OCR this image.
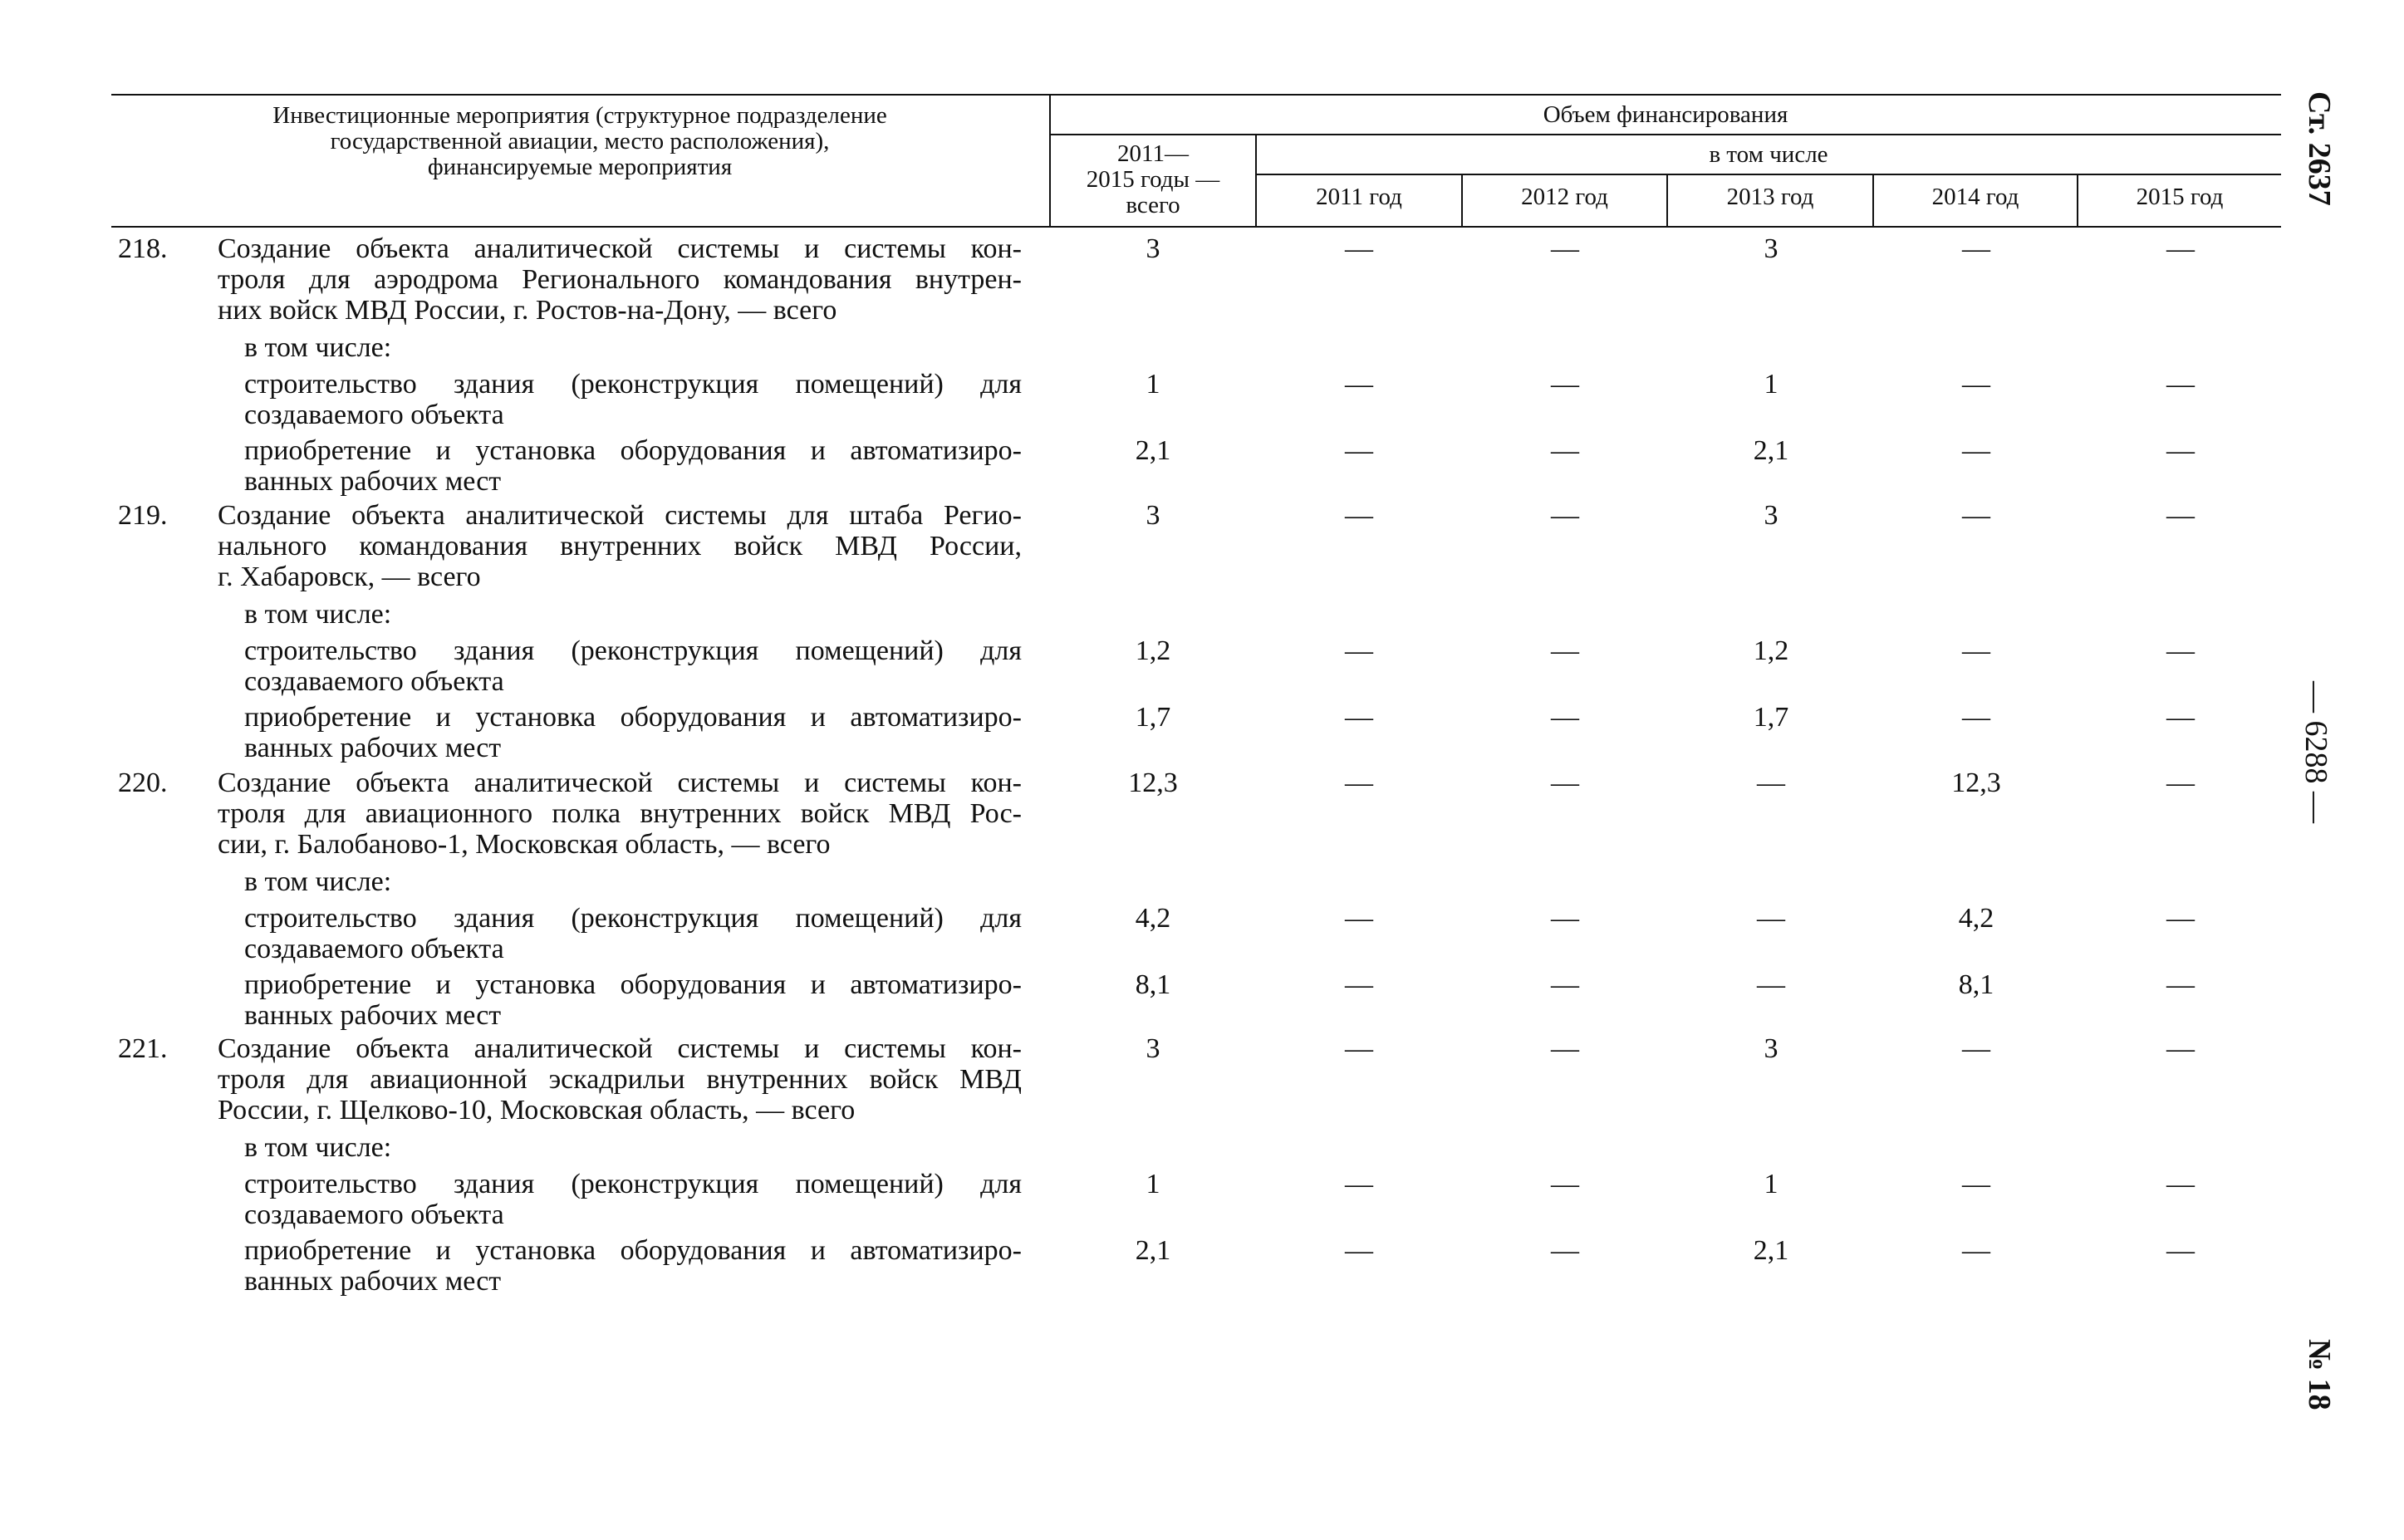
Инвестиционные мероприятия (структурное подразделение
государственной авиации, место расположения),
финансируемые мероприятия
Объем финансирования
2011—
2015 годы —
всего
в том числе
2011 год	2012 год	2013 год	2014 год	2015 год
218.	Создание объекта аналитической системы и системы кон-
троля для аэродрома Регионального командования внутрен-
них войск МВД России, г. Ростов-на-Дону, — всего
3	—	—	3	—	—
в том числе:
строительство здания (реконструкция помещений) для
создаваемого объекта
1	—	—	1	—	—
приобретение и установка оборудования и автоматизиро-
ванных рабочих мест
2,1	—	—	2,1	—	—
219.	Создание объекта аналитической системы для штаба Регио-
нального командования внутренних войск МВД России,
г. Хабаровск, — всего
3	—	—	3	—	—
в том числе:
строительство здания (реконструкция помещений) для
создаваемого объекта
1,2	—	—	1,2	—	—
приобретение и установка оборудования и автоматизиро-
ванных рабочих мест
1,7	—	—	1,7	—	—
220.	Создание объекта аналитической системы и системы кон-
троля для авиационного полка внутренних войск МВД Рос-
сии, г. Балобаново-1, Московская область, — всего
12,3	—	—	—	12,3	—
в том числе:
строительство здания (реконструкция помещений) для
создаваемого объекта
4,2	—	—	—	4,2	—
приобретение и установка оборудования и автоматизиро-
ванных рабочих мест
8,1	—	—	—	8,1	—
221.	Создание объекта аналитической системы и системы кон-
троля для авиационной эскадрильи внутренних войск МВД
России, г. Щелково-10, Московская область, — всего
3	—	—	3	—	—
в том числе:
строительство здания (реконструкция помещений) для
создаваемого объекта
1	—	—	1	—	—
приобретение и установка оборудования и автоматизиро-
ванных рабочих мест
2,1	—	—	2,1	—	—
Ст. 2637
— 6288 —
№ 18
